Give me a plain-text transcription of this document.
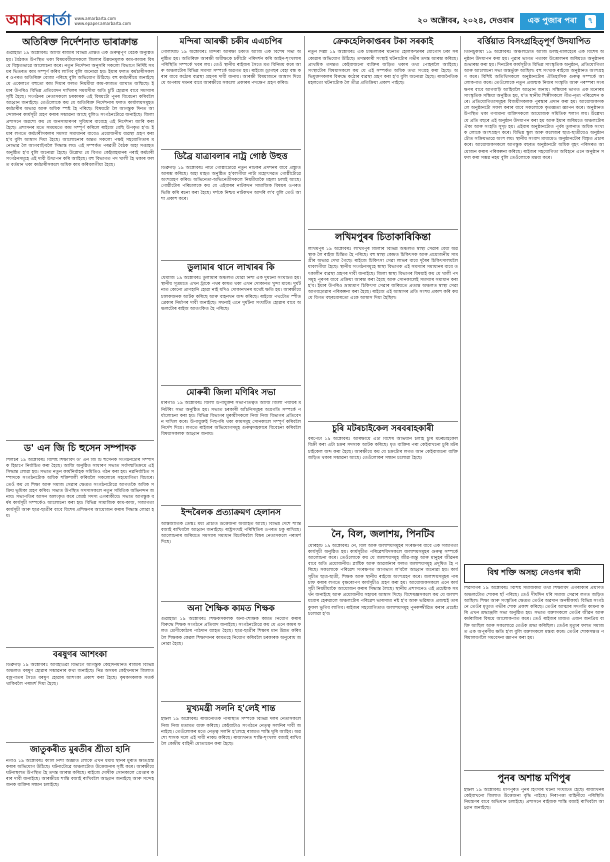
আমাৰবাৰ্তা www.amarbarta.com
www.epaper.amarbarta.com	২০ অক্টোবৰ, ২০২৪, দেওবাৰ এক পুজাৰ পৰা	৭
অতিৰিক্ত নিৰ্দেশনাত ভাৰাক্ৰান্ত

গুৱাহাটী ১৯ অক্টোবৰঃ আজি ৰাজ্যৰ বিভিন্ন প্ৰান্তত এক গুৰুত্বপূৰ্ণ বৈঠক অনুষ্ঠিত হয়। বৈঠকত উপস্থিত থকা বিষয়ববীয়াসকলে জিলাৰ উন্নয়নমূলক কাম-কাজৰ বিষয়ে বিস্তৃতভাৱে আলোচনা কৰে। নতুন নিৰ্দেশনা অনুসৰি সকলো বিভাগে নিৰ্দিষ্ট সময়ৰ ভিতৰত কাম সম্পূৰ্ণ কৰিব লাগিব বুলি জনোৱা হয়। ইয়াৰ ফলত কৰ্মচাৰীসকলৰ ওপৰত অতিৰিক্ত বোজা পৰিছে বুলি অভিযোগ উঠিছে। বহু কৰ্মচাৰীয়ে জনাইছে যে একেলগে বহুতো কাম দিয়াৰ ফলত নিয়মীয়া কাম-কাজত ব্যাঘাত জন্মিছে। ইয়াৰ উপৰিও বিভিন্ন প্ৰতিবেদন দাখিলৰ সময়সীমা অতি চুটি হোৱাৰ বাবে সমস্যাৰ সৃষ্টি হৈছে। সংগঠনৰ নেতাসকলে চৰকাৰক এই বিষয়টো পুনৰ বিবেচনা কৰিবলৈ আহ্বান জনাইছে। তেওঁলোকে কয় যে অতিৰিক্ত নিৰ্দেশনাৰ ফলত কাৰ্যালয়সমূহত কৰ্মচাৰীৰ অভাৱ আৰু অধিক স্পষ্ট হৈ পৰিছে। বিষয়টো লৈ আগন্তুক দিনত আন্দোলনৰ কাৰ্যসূচী গ্ৰহণ কৰাৰ সম্ভাৱনা আছে বুলিও সংগঠনটোৱে জনাইছে। জিলা প্ৰশাসনে অৱশ্যে কয় যে জনসাধাৰণৰ সুবিধাৰ বাবেহে এই নিৰ্দেশনা জাৰি কৰা হৈছে। প্ৰশাসনৰ মতে সময়মতে কাম সম্পূৰ্ণ কৰিলে ৰাইজে বেছি উপকৃত হ'ব। ইয়াৰ লগতে কৰ্মচাৰীসকলৰ সমস্যা সমাধানৰ বাবেও প্ৰয়োজনীয় ব্যৱস্থা গ্ৰহণ কৰা হ'ব বুলি আশ্বাস দিয়া হৈছে। আলোচনাৰ অন্তত সকলো পক্ষই সহযোগিতাৰ মনোভাৱ লৈ আগবাঢ়িবলৈ সিদ্ধান্ত লয়। এই সম্পৰ্কত পৰৱৰ্তী বৈঠক অহা সপ্তাহত অনুষ্ঠিত হ'ব বুলি জনোৱা হৈছে। উল্লেখ্য যে বিগত কেইমাহমানৰ পৰাই কৰ্মচাৰী সংগঠনসমূহে এই দাবী উত্থাপন কৰি আহিছে। বহু বিভাগত পদ খালী হৈ থকাৰ ফলত বৰ্তমান থকা কৰ্মচাৰীসকলে অধিক কাম কৰিবলগীয়া হৈছে।

ড' এন জি চি হুসেন সম্পাদক

শিলচৰ ১৯ অক্টোবৰঃ বিশিষ্ট শিক্ষাবিদ ড' এন জি চি হুসেনক সংগঠনটোৰ সম্পাদক হিচাপে নিৰ্বাচিত কৰা হৈছে। আজি অনুষ্ঠিত সাধাৰণ সভাত সৰ্বসন্মতিক্ৰমে এই সিদ্ধান্ত লোৱা হয়। সভাত নতুন কাৰ্যনিৰ্বাহক সমিতিও গঠন কৰা হয়। নৱনিৰ্বাচিত সম্পাদকে সংগঠনটোক অধিক শক্তিশালী কৰিবলৈ সকলোৰে সহযোগিতা বিচাৰে। তেওঁ কয় যে শিক্ষা আৰু সমাজ সেৱাৰ ক্ষেত্ৰত সংগঠনটোৱে আগতকৈ অধিক সক্ৰিয় ভূমিকা গ্ৰহণ কৰিব। সভাত উপস্থিত সদস্যসকলে নতুন সমিতিক অভিনন্দন জনায়। সভাপতিৰ আসন অলংকৃত কৰে জ্যেষ্ঠ সদস্য এগৰাকীয়ে। সভাত আগন্তুক বৰ্ষৰ কাৰ্যসূচী সম্পৰ্কেও আলোচনা কৰা হয়। বিভিন্ন সামাজিক কাম-কাজ, সজাগতা কাৰ্যসূচী আৰু ছাত্ৰ-ছাত্ৰীৰ বাবে বিশেষ প্ৰশিক্ষণৰ আয়োজন কৰাৰ সিদ্ধান্ত লোৱা হয়।

বৰষুণৰ আশংকা

ডিব্ৰুগড় ১৯ অক্টোবৰঃ আবহাওৱা বিভাগে আগন্তুক কেইদিনমানত ৰাজ্যৰ বিভিন্ন অঞ্চলত বৰষুণ হোৱাৰ সম্ভাৱনাৰ কথা জনাইছে। নিম্ন অসমৰ কেইখনমান জিলাত বজ্ৰপাতৰ সৈতে বৰষুণ হোৱাৰ আশংকা প্ৰকাশ কৰা হৈছে। কৃষকসকলক সতৰ্ক থাকিবলৈ পৰামৰ্শ দিয়া হৈছে।

জাতুকৰীত মুৰতীৰ শ্ৰীতা হানি

নগাঁও ১৯ অক্টোবৰঃ কালি নিশা অজ্ঞাত লোকে এখন ধৰ্মীয় স্থানৰ মুৰতি ক্ষতিগ্ৰস্ত কৰাৰ অভিযোগ উঠিছে। ঘটনাটোৱে অঞ্চলটোত উত্তেজনাৰ সৃষ্টি কৰে। আৰক্ষীয়ে ঘটনাস্থলত উপস্থিত হৈ তদন্ত আৰম্ভ কৰিছে। ৰাইজে দোষীক সোনকালে গ্ৰেপ্তাৰ কৰাৰ দাবী জনাইছে। আৰক্ষীয়ে শান্তি বজাই ৰাখিবলৈ আহ্বান জনাইছে আৰু সন্দেহজনক ব্যক্তিৰ সন্ধান চলাইছে।

মন্দিৰা আৰক্ষী চকীৰ এএচপিৰ

গোলাঘাট ১৯ অক্টোবৰঃ মন্দিৰা আৰক্ষী চকীত আজি এক বিশেষ সভা অনুষ্ঠিত হয়। অতিৰিক্ত আৰক্ষী অধীক্ষকে চকীটো পৰিদৰ্শন কৰি আইন-শৃংখলাৰ পৰিস্থিতি সম্পৰ্কে খবৰ লয়। তেওঁ স্থানীয় ৰাইজৰ সৈতে মত বিনিময় কৰে আৰু অঞ্চলটোৰ বিভিন্ন সমস্যা সম্পৰ্কে অৱগত হয়। ৰাইজে ড্ৰাগছৰ বেহা বন্ধ কৰাৰ বাবে কঠোৰ ব্যৱস্থা গ্ৰহণৰ দাবী জনায়। আৰক্ষী বিষয়াজনে আশ্বাস দিয়ে যে অপৰাধ দমনৰ বাবে আৰক্ষীয়ে সকলো প্ৰকাৰৰ পদক্ষেপ গ্ৰহণ কৰিব।

ডিব্ৰৈ যাত্ৰাবলাৰ নাট্ৰ গোষ্ঠ উহুত্ত

ডিব্ৰুগড় ১৯ অক্টোবৰঃ নাট্য গোষ্ঠীটোৱে নতুন নাটকৰ প্ৰদৰ্শনৰ বাবে প্ৰস্তুতি আৰম্ভ কৰিছে। অহা মাহত অনুষ্ঠিত হ'বলগীয়া নাট্য মহোৎসৱত গোষ্ঠীটোৱে অংশগ্ৰহণ কৰিব। অভিনেতা-অভিনেত্ৰীসকলে নিয়মীয়াকৈ মহলা চলাই আছে। গোষ্ঠীটোৰ পৰিচালকে কয় যে এইবাৰৰ নাটকখন সামাজিক বিষয়ৰ ওপৰত ভিত্তি কৰি ৰচনা কৰা হৈছে। দৰ্শকে নিশ্চয় নাটকখন আদৰি ল'ব বুলি তেওঁ আশা প্ৰকাশ কৰে।

ডুলামাৰ থানে লাখাৰৰ কি

ধেমাজি ১৯ অক্টোবৰঃ ডুলামাৰ অঞ্চলত যোৱা নিশা এক দুৰ্ঘটনা সংঘটিত হয়। স্থানীয় সূত্ৰমতে এখন ট্ৰাকে পথৰ কাষত থকা এখন দোকানত খুন্দা মাৰে। দুৰ্ঘটনাত কোনো প্ৰাণহানি হোৱা নাই যদিও দোকানখনৰ যথেষ্ট ক্ষতি হয়। আৰক্ষীয়ে চালকজনক আটক কৰিছে আৰু বাহনখন জব্দ কৰিছে। ৰাইজে পথটোত স্পীড ব্ৰেকাৰ নিৰ্মাণৰ দাবী জনাইছে। সঘনাই এনে দুৰ্ঘটনা সংঘটিত হোৱাৰ বাবে অঞ্চলটোৰ ৰাইজ আতংকিত হৈ পৰিছে।

মোৰুৰী জিলা মণিৰিং সভা

মৰিগাঁও ১৯ অক্টোবৰঃ জিলা উপায়ুক্তৰ সভাপতিত্বত আজি জিলা পৰ্যায়ৰ মনিটৰিং সভা অনুষ্ঠিত হয়। সভাত চৰকাৰী আঁচনিসমূহৰ অগ্ৰগতি সম্পৰ্কে পৰ্যালোচনা কৰা হয়। বিভিন্ন বিভাগৰ মুৰব্বীসকলে নিজ নিজ বিভাগৰ প্ৰতিবেদন দাখিল কৰে। উপায়ুক্তই পিছপৰি থকা কামসমূহ সোনকালে সম্পূৰ্ণ কৰিবলৈ নিৰ্দেশ দিয়ে। লগতে ৰাইজৰ অভিযোগসমূহ গুৰুত্বসহকাৰে বিবেচনা কৰিবলৈ বিষয়াসকলক আহ্বান জনায়।

ইন্দৰৈলক প্ৰত্যাক্ৰমণ হেলানস

আন্তৰ্জাতিক ডেস্কঃ মধ্য প্ৰাচ্যত উত্তেজনা অব্যাহত আছে। বিভিন্ন দেশে শান্তি বজাই ৰাখিবলৈ আহ্বান জনাইছে। ৰাষ্ট্ৰসংঘই পৰিস্থিতিৰ ওপৰত চকু ৰাখিছে। আলোচনাৰ জৰিয়তে সমস্যাৰ সমাধান বিচাৰিবলৈ বিশ্বৰ নেতাসকলে পৰামৰ্শ দিছে।

অনা শৈক্ষিক কামত শিক্ষক

গুৱাহাটী ১৯ অক্টোবৰঃ শিক্ষকসকলক অনা-শৈক্ষিক কামত নিয়োগ কৰাৰ বিৰুদ্ধে শিক্ষক সংগঠনে প্ৰতিবাদ জনাইছে। সংগঠনটোৱে কয় যে এনে কামৰ ফলত শ্ৰেণীকোঠাৰ পাঠদান ব্যাহত হৈছে। ছাত্ৰ-ছাত্ৰীৰ শিক্ষাৰ মান উন্নত কৰিবলৈ শিক্ষকক কেৱল শিক্ষাদানৰ কামতহে নিয়োগ কৰিবলৈ চৰকাৰক অনুৰোধ জনোৱা হৈছে।

মুখ্যমন্ত্ৰী সলনি হ'লেই শান্ত

ইম্ফল ১৯ অক্টোবৰঃ ৰাজনৈতিক পৰিস্থিতি সম্পৰ্কে বিভিন্ন দলৰ নেতাসকলে নিজ নিজ মতামত ব্যক্ত কৰিছে। কেইবাটাও সংগঠনে নেতৃত্ব সলনিৰ দাবী জনাইছে। তেওঁলোকৰ মতে নেতৃত্ব সলনি হ'লেহে ৰাজ্যত শান্তি ঘূৰি আহিব। অৱশ্যে শাসক দলে এই দাবী নাকচ কৰিছে। ৰাজ্যখনত শান্তি-শৃংখলা বজাই ৰাখিবলৈ কেন্দ্ৰীয় বাহিনী মোতায়েন কৰা হৈছে।

ক্ৰেকহেলিকাপ্তৰৰ টকা সৰকাই

নতুন দিল্লী ১৯ অক্টোবৰঃ এক চাঞ্চল্যকৰ ঘটনাত হেলিকপ্টাৰৰ যোগেদি টকা সৰকোৱাৰ অভিযোগ উঠিছে। তদন্তকাৰী সংস্থাই ঘটনাটোৰ গভীৰ তদন্ত আৰম্ভ কৰিছে। প্ৰাথমিক তদন্তত কেইবাজনো ব্যক্তিৰ জড়িত থকাৰ তথ্য পোহৰলৈ আহিছে। সংস্থাটোৰ বিষয়াসকলে কয় যে এই সম্পৰ্কত অধিক তথ্য সংগ্ৰহ কৰা হৈছে। অভিযুক্তসকলৰ বিৰুদ্ধে কঠোৰ ব্যৱস্থা গ্ৰহণ কৰা হ'ব বুলি জনোৱা হৈছে। ৰাজনৈতিক মহলতো ঘটনাটোক লৈ তীব্ৰ প্ৰতিক্ৰিয়া প্ৰকাশ পাইছে।

লখিমপুৰৰ চিতাকাৰিকিন্তা

লখিমপুৰ ১৯ অক্টোবৰঃ লখিমপুৰ জিলাৰ বিভিন্ন অঞ্চলত স্বাস্থ্য সেৱাৰ বেয়া অৱস্থাক লৈ ৰাইজ চিন্তিত হৈ পৰিছে। বহু স্বাস্থ্য কেন্দ্ৰত চিকিৎসক আৰু প্ৰয়োজনীয় সামগ্ৰীৰ অভাৱ দেখা গৈছে। ৰাইজে চিকিৎসা সেৱা লাভৰ বাবে দূৰৈৰ চিকিৎসালয়লৈ যাবলগীয়া হৈছে। স্থানীয় সংগঠনসমূহে স্বাস্থ্য বিভাগক এই সমস্যাৰ সমাধানৰ বাবে তৎকালীন ব্যৱস্থা গ্ৰহণৰ দাবী জনাইছে। জিলা স্বাস্থ্য বিভাগৰ বিষয়াই কয় যে খালী পদসমূহ পূৰণৰ বাবে প্ৰক্ৰিয়া আৰম্ভ কৰা হৈছে আৰু সোনকালেই সমস্যাৰ সমাধান কৰা হ'ব। ইয়াৰ উপৰিও ভ্ৰাম্যমাণ চিকিৎসা সেৱাৰ জৰিয়তে প্ৰত্যন্ত অঞ্চলত স্বাস্থ্য সেৱা আগবঢ়োৱাৰ পৰিকল্পনা কৰা হৈছে। ৰাইজে এই আশ্বাসৰ প্ৰতি সংশয় প্ৰকাশ কৰি কয় যে বিগত বছৰবোৰতো একে আশ্বাস দিয়া হৈছিল।

চুৰি মটৰচাইকেল সৰবৰাহকাৰী

বৰপেটা ১৯ অক্টোবৰঃ আৰক্ষীয়ে এটা বিশেষ অভিযান চলাই চুৰি মটৰচাইকেল বিক্ৰী কৰা এটা চক্ৰৰ সদস্যক আটক কৰিছে। ধৃত ব্যক্তিৰ পৰা কেইবাখনো চুৰি মটৰচাইকেল জব্দ কৰা হৈছে। আৰক্ষীয়ে কয় যে চক্ৰটোৰ লগত আন কেইবাজনো ব্যক্তি জড়িত থকাৰ সম্ভাৱনা আছে। তেওঁলোকৰ সন্ধান চলোৱা হৈছে।

নৈ, বিল, জলাশয়, পিনটিব

যোৰহাট ১৯ অক্টোবৰঃ নৈ, বিল আৰু জলাশয়সমূহৰ সংৰক্ষণৰ বাবে এক সজাগতা কাৰ্যসূচী অনুষ্ঠিত হয়। কাৰ্যসূচীত পৰিৱেশবিদসকলে জলাশয়সমূহৰ গুৰুত্ব সম্পৰ্কে আলোচনা কৰে। তেওঁলোকে কয় যে জলাশয়সমূহ জীৱ-জন্তু আৰু মানুহৰ জীৱনৰ বাবে অতি প্ৰয়োজনীয়। প্লাষ্টিক আৰু আৱৰ্জনাৰ ফলত জলাশয়সমূহ প্ৰদূষিত হৈ পৰিছে। সকলোকে পৰিৱেশ সংৰক্ষণত আগভাগ ল'বলৈ আহ্বান জনোৱা হয়। কাৰ্যসূচীত ছাত্ৰ-ছাত্ৰী, শিক্ষক আৰু স্থানীয় ৰাইজে অংশগ্ৰহণ কৰে। জলাশয়সমূহৰ পাৰ চাফ কৰাৰ লগতে বৃক্ষৰোপণ কাৰ্যসূচীও গ্ৰহণ কৰা হয়। আয়োজকসকলে এনে কাৰ্যসূচী নিয়মীয়াকৈ আয়োজন কৰাৰ সিদ্ধান্ত লৈছে। স্থানীয় প্ৰশাসনেও এই প্ৰচেষ্টাক সমৰ্থন জনাইছে আৰু প্ৰয়োজনীয় সহায়ৰ আশ্বাস দিছে। বিশেষজ্ঞসকলে কয় যে জলাশয়বোৰ হেৰুৱালে অঞ্চলটোৰ পৰিৱেশ ভাৰসাম্য নষ্ট হ'ব আৰু ভৱিষ্যত প্ৰজন্মই তাৰ কুফল ভুগিব লাগিব। ৰাইজৰ সহযোগিতাত জলাশয়সমূহ পুনৰুজ্জীৱিত কৰাৰ প্ৰচেষ্টা চলোৱা হ'ব।

বৰ্ত্তিয়াত বিসংগ্ৰহিত্পূৰ্ণ উদযাপিত

তিনিচুকীয়া ১৯ অক্টোবৰঃ অঞ্চলটোত আজি উলহ-মালহেৰে এক বিশেষ অনুষ্ঠান উদযাপন কৰা হয়। পুৱাৰ ভাগত পতাকা উত্তোলনৰ জৰিয়তে অনুষ্ঠানৰ শুভাৰম্ভ কৰা হয়। দিনটোৰ কাৰ্যসূচীত বিভিন্ন সাংস্কৃতিক অনুষ্ঠান, প্ৰতিযোগিতা আৰু আলোচনা সভা অন্তৰ্ভুক্ত আছিল। বহু সংখ্যক ৰাইজে অনুষ্ঠানত অংশগ্ৰহণ কৰে। বিশিষ্ট অতিথিসকলে অনুষ্ঠানটোৰ ঐতিহাসিক গুৰুত্ব সম্পৰ্কে আলোকপাত কৰে। তেওঁলোকে নতুন প্ৰজন্মক নিজৰ সংস্কৃতি আৰু পৰম্পৰা সংৰক্ষণৰ বাবে আগবাঢ়ি আহিবলৈ আহ্বান জনায়। সন্ধিয়াৰ ভাগত এক মনোৰম সাংস্কৃতিক সন্ধিয়া অনুষ্ঠিত হয়, য'ত স্থানীয় শিল্পীসকলে গীত-নৃত্য পৰিৱেশন কৰে। প্ৰতিযোগিতাসমূহৰ বিজয়ীসকলক পুৰস্কাৰ প্ৰদান কৰা হয়। আয়োজকসকলে অনুষ্ঠানটো সফল কৰাৰ বাবে সকলোকে কৃতজ্ঞতা জ্ঞাপন কৰে। অনুষ্ঠানত উপস্থিত থকা গণ্যমান্য ব্যক্তিসকলে আয়োজক সমিতিক শলাগ লয়। উল্লেখ্য যে প্ৰতি বছৰে এই অনুষ্ঠান উদযাপন কৰা হয় আৰু ইয়াৰ জৰিয়তে অঞ্চলটোৰ ঐক্য আৰু সংহতি সুদৃঢ় হয়। এইবাৰ অনুষ্ঠানটোত পূৰ্বৰ তুলনাত অধিক সংখ্যক লোকে অংশগ্ৰহণ কৰে। বিভিন্ন স্কুল আৰু কলেজৰ ছাত্ৰ-ছাত্ৰীয়েও অনুষ্ঠানটোত সক্ৰিয়ভাৱে অংশ লয়। স্থানীয় সংবাদ মাধ্যমেও অনুষ্ঠানটোৰ বিস্তৃত প্ৰচাৰ কৰে। আয়োজকসকলে আগন্তুক বছৰত অনুষ্ঠানটো অধিক বৃহৎ পৰিসৰত আয়োজন কৰাৰ পৰিকল্পনা কৰিছে। ৰাইজৰ সহযোগিতা অবিহনে এনে অনুষ্ঠান সফল কৰা সম্ভৱ নহয় বুলি তেওঁলোকে মন্তব্য কৰে।

বিশ্ব শক্তি অসহ্য নেওগৰ স্বামী

শিৱসাগৰ ১৯ অক্টোবৰঃ বিশিষ্ট সমাজকৰ্মী তথা শিক্ষাবিদ এগৰাকীৰ প্ৰয়াণত অঞ্চলটোত শোকৰ ছাঁ পৰিছে। তেওঁ দীৰ্ঘদিন ধৰি সমাজ সেৱাৰ লগত জড়িত আছিল। শিক্ষা আৰু সংস্কৃতিৰ ক্ষেত্ৰত তেওঁৰ অৱদান অনস্বীকাৰ্য। বিভিন্ন সংগঠনে তেওঁৰ মৃত্যুত গভীৰ শোক প্ৰকাশ কৰিছে। তেওঁৰ আত্মাৰ সদগতি কামনা কৰি এখন শ্ৰদ্ধাঞ্জলি সভা অনুষ্ঠিত হয়। সভাত বক্তাসকলে তেওঁৰ জীৱন আৰু কৰ্মৰাজিৰ বিষয়ে আলোকপাত কৰে। তেওঁ ৰাইজৰ মাজত এজন জনপ্ৰিয় ব্যক্তি আছিল আৰু সকলোৱে তেওঁক শ্ৰদ্ধা কৰিছিল। তেওঁৰ মৃত্যুৰ ফলত সমাজত এক অপূৰণীয় ক্ষতি হ'ল বুলি বক্তাসকলে মন্তব্য কৰে। তেওঁৰ শোকসন্তপ্ত পৰিয়ালবৰ্গলৈ সমবেদনা জ্ঞাপন কৰা হয়।

পুনৰ অশান্ত মণিপুৰ

ইম্ফল ১৯ অক্টোবৰঃ মণিপুৰত পুনৰ হিংসাৰ ঘটনা সংঘটিত হৈছে। ৰাজ্যখনৰ কেইবাখনো জিলাত উত্তেজনা বৃদ্ধি পাইছে। নিৰাপত্তা বাহিনীয়ে পৰিস্থিতি নিয়ন্ত্ৰণৰ বাবে অভিযান চলাইছে। প্ৰশাসনে ৰাইজক শান্তি বজাই ৰাখিবলৈ আহ্বান জনাইছে।
